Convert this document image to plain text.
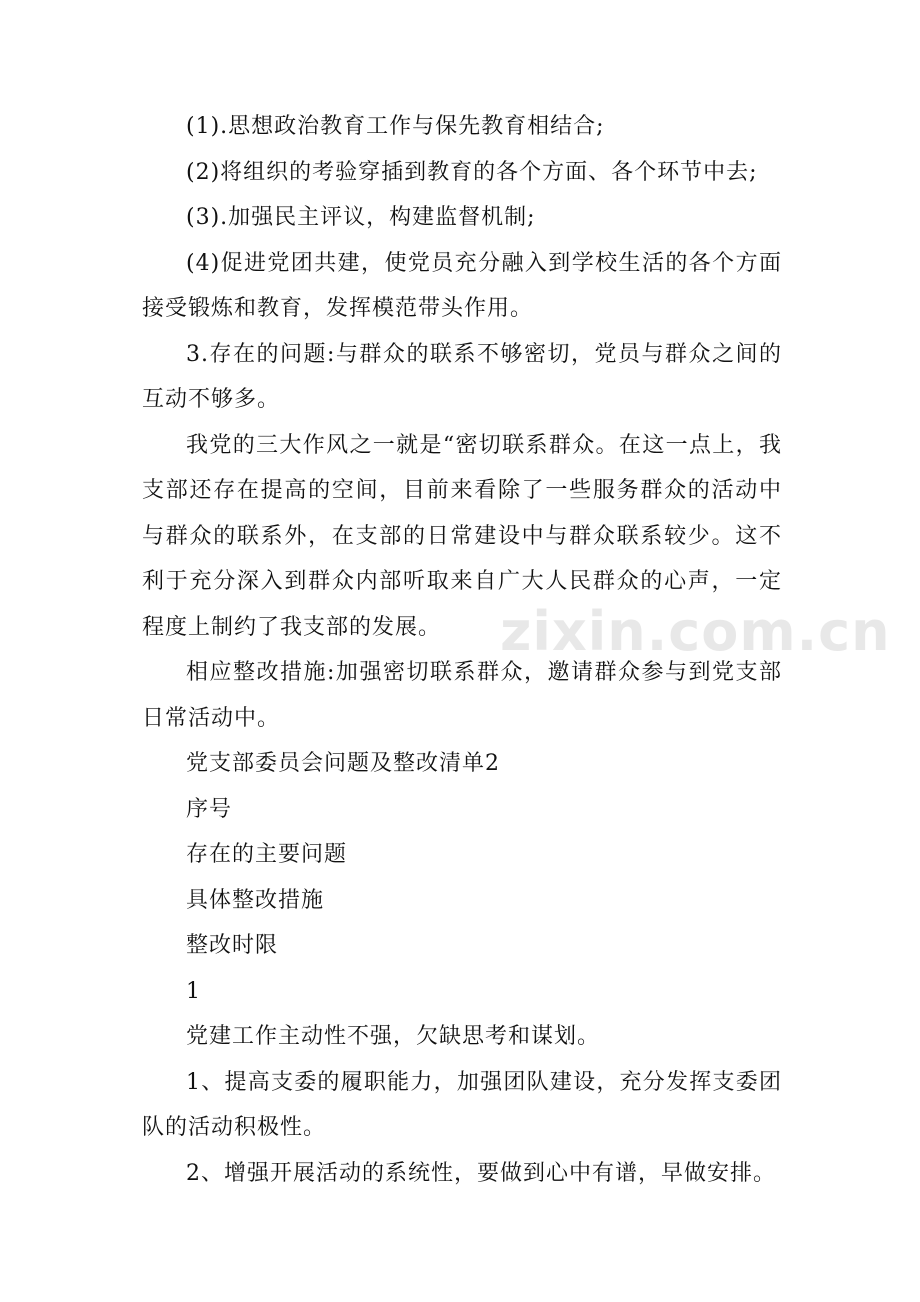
(1).思想政治教育工作与保先教育相结合;

(2)将组织的考验穿插到教育的各个方面、各个环节中去;

(3).加强民主评议，构建监督机制;

(4)促进党团共建，使党员充分融入到学校生活的各个方面接受锻炼和教育，发挥模范带头作用。

3.存在的问题:与群众的联系不够密切，党员与群众之间的互动不够多。

我党的三大作风之一就是“密切联系群众。在这一点上，我支部还存在提高的空间，目前来看除了一些服务群众的活动中与群众的联系外，在支部的日常建设中与群众联系较少。这不利于充分深入到群众内部听取来自广大人民群众的心声，一定程度上制约了我支部的发展。

相应整改措施:加强密切联系群众，邀请群众参与到党支部日常活动中。

党支部委员会问题及整改清单2

序号

存在的主要问题

具体整改措施

整改时限

1

党建工作主动性不强，欠缺思考和谋划。

1、提高支委的履职能力，加强团队建设，充分发挥支委团队的活动积极性。

2、增强开展活动的系统性，要做到心中有谱，早做安排。

zixin.com.cn
